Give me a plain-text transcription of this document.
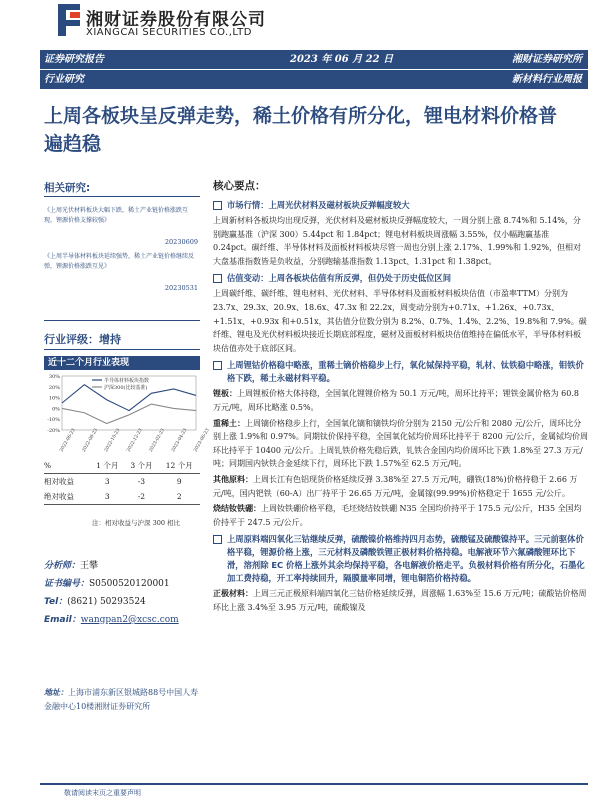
湘财证券股份有限公司
XIANGCAI SECURITIES CO.,LTD
证券研究报告	2023 年 06 月 22 日	湘财证券研究所
行业研究	新材料行业周报
上周各板块呈反弹走势，稀土价格有所分化，锂电材料价格普遍趋稳
相关研究:
《上周光伏材料板块大幅下跌，稀土产业链价格涨跌互现，锂源价格支撑较强》
20230609
《上周半导体材料板块延续强势，稀土产业链价格继续反弹，锂源价格涨跌互见》
20230531
行业评级：增持
近十二个月行业表现
-20%
-10%
0%
10%
20%
30%
2022-06-23 2022-08-23 2022-10-23 2022-12-23 2023-02-23 2023-04-23 2023-06-23
半导体材料板块指数
沪深300(比较基准)
%	1 个月	3 个月	12 个月
相对收益	3	-3	9
绝对收益	3	-2	2
注：相对收益与沪深 300 相比
分析师：王攀
证书编号：S0500520120001
Tel：(8621) 50293524
Email：wangpan2@xcsc.com
地址：上海市浦东新区银城路88号中国人寿金融中心10楼湘财证券研究所
核心要点：
市场行情：上周光伏材料及磁材板块反弹幅度较大

上周新材料各板块均出现反弹，光伏材料及磁材板块反弹幅度较大，一周分别上涨 8.74%和 5.14%，分别跑赢基准（沪深 300）5.44pct 和 1.84pct；锂电材料板块周涨幅 3.55%，仅小幅跑赢基准 0.24pct。碳纤维、半导体材料及面板材料板块尽管一周也分别上涨 2.17%、1.99%和 1.92%，但相对大盘基准指数皆是负收益，分别跑输基准指数 1.13pct、1.31pct 和 1.38pct。

估值变动：上周各板块估值有所反弹，但仍处于历史低位区间

上周碳纤维、碳纤维、锂电材料、光伏材料、半导体材料及面板材料板块估值（市盈率TTM）分别为 23.7x、29.3x、20.9x、18.6x、47.3x 和 22.2x，周变动分别为+0.71x、+1.26x、+0.73x、+1.51x、+0.93x 和+0.51x，其估值分位数分别为 8.2%、0.7%、1.4%、2.2%、19.8%和 7.9%。碳纤维、锂电及光伏材料板块接近长期底部程度，磁材及面板材料板块估值维持在偏低水平，半导体材料板块估值亦处于底部区间。

上周锂钴价格稳中略涨，重稀土镝价格稳步上行，氧化铽保持平稳，轧材、钛铁稳中略涨，钼铁价格下跌，稀土永磁材料平稳。

锂板：上周锂板价格大体持稳，全国氧化锂锂价格为 50.1 万元/吨，周环比持平；锂铁金属价格为 60.8 万元/吨，周环比略涨 0.5%。

重稀土：上周镝价格稳步上行，全国氧化镝和镝铁均价分别为 2150 元/公斤和 2080 元/公斤，周环比分别上涨 1.9%和 0.97%。同期钛价保持平稳，全国氧化铽均价周环比持平于 8200 元/公斤，金属铽均价周环比持平于 10400 元/公斤。上周钆铁价格先稳后跌，钆铁合金国内均价周环比下跌 1.8%至 27.3 万元/吨；同期国内钬铁合金延续下行，周环比下跌 1.57%至 62.5 万元/吨。

其他原料：上周长江有色铝现货价格延续反弹 3.38%至 27.5 万元/吨，硼铁(18%)价格持稳于 2.66 万元/吨，国内钯铁（60-A）出厂持平于 26.65 万元/吨，金属镓(99.99%)价格稳定于 1655 元/公斤。

烧结钕铁硼：上周钕铁硼价格平稳，毛坯烧结钕铁硼 N35 全国均价持平于 175.5 元/公斤，H35 全国均价持平于 247.5 元/公斤。

上周原料端四氧化三钴继续反弹，硫酸镍价格维持四月态势，硫酸锰及硫酸镍持平。三元前驱体价格平稳，锂源价格上涨，三元材料及磷酸铁锂正极材料价格持稳。电解液环节六氟磷酸锂环比下滑，溶剂除 EC 价格上涨外其余均保持平稳，各电解液价格走平。负极材料价格有所分化，石墨化加工费持稳，开工率持续回升，隔膜量率同增，锂电铜箔价格持稳。

正极材料：上周三元正极原料端四氧化三钴价格延续反弹，周涨幅 1.63%至 15.6 万元/吨；硫酸钴价格周环比上涨 3.4%至 3.95 万元/吨，硫酸镍及

敬请阅读末页之重要声明
